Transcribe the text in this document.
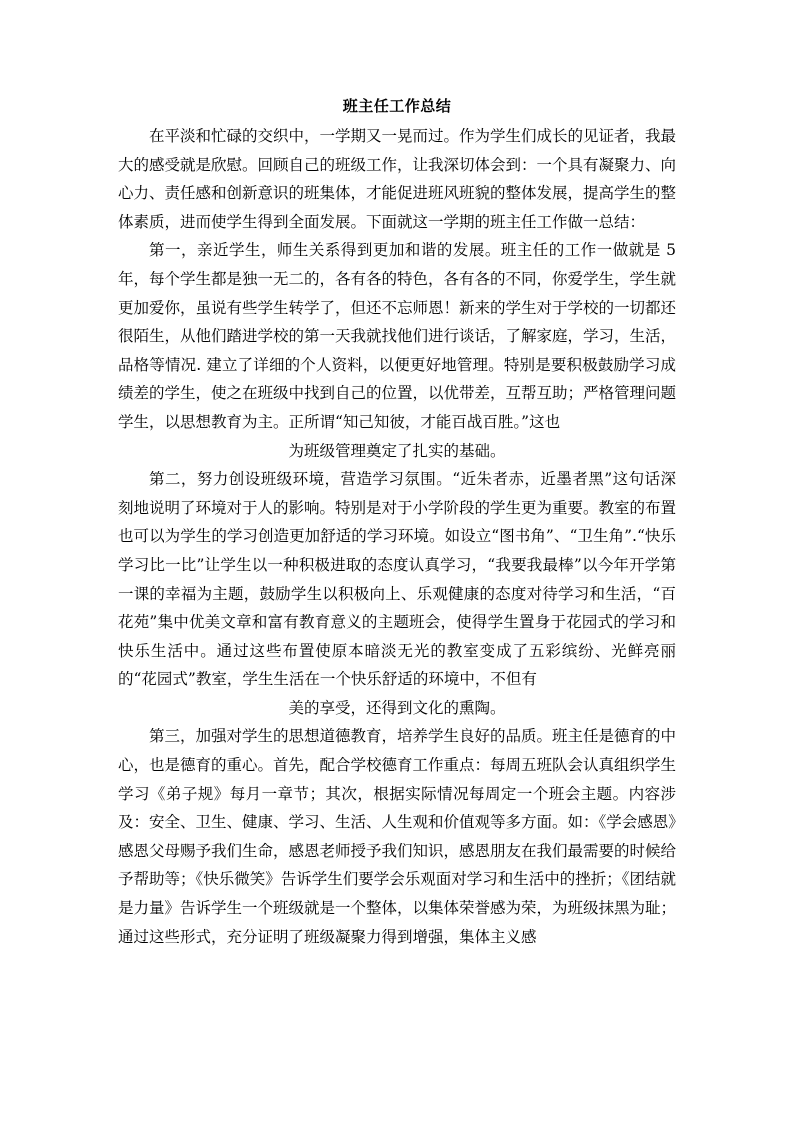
班主任工作总结

在平淡和忙碌的交织中，一学期又一晃而过。作为学生们成长的见证者，我最大的感受就是欣慰。回顾自己的班级工作，让我深切体会到：一个具有凝聚力、向心力、责任感和创新意识的班集体，才能促进班风班貌的整体发展，提高学生的整体素质，进而使学生得到全面发展。下面就这一学期的班主任工作做一总结：

第一，亲近学生，师生关系得到更加和谐的发展。班主任的工作一做就是 5 年，每个学生都是独一无二的，各有各的特色，各有各的不同，你爱学生，学生就更加爱你，虽说有些学生转学了，但还不忘师恩！新来的学生对于学校的一切都还很陌生，从他们踏进学校的第一天我就找他们进行谈话，了解家庭，学习，生活，品格等情况. 建立了详细的个人资料，以便更好地管理。特别是要积极鼓励学习成绩差的学生，使之在班级中找到自己的位置，以优带差，互帮互助；严格管理问题学生，以思想教育为主。正所谓“知己知彼，才能百战百胜。”这也

为班级管理奠定了扎实的基础。

第二，努力创设班级环境，营造学习氛围。“近朱者赤，近墨者黑”这句话深刻地说明了环境对于人的影响。特别是对于小学阶段的学生更为重要。教室的布置也可以为学生的学习创造更加舒适的学习环境。如设立“图书角”、“卫生角”.“快乐学习比一比”让学生以一种积极进取的态度认真学习，“我要我最棒”以今年开学第一课的幸福为主题，鼓励学生以积极向上、乐观健康的态度对待学习和生活，“百花苑”集中优美文章和富有教育意义的主题班会，使得学生置身于花园式的学习和快乐生活中。通过这些布置使原本暗淡无光的教室变成了五彩缤纷、光鲜亮丽的“花园式”教室，学生生活在一个快乐舒适的环境中，不但有

美的享受，还得到文化的熏陶。

第三，加强对学生的思想道德教育，培养学生良好的品质。班主任是德育的中心，也是德育的重心。首先，配合学校德育工作重点：每周五班队会认真组织学生学习《弟子规》每月一章节；其次，根据实际情况每周定一个班会主题。内容涉及：安全、卫生、健康、学习、生活、人生观和价值观等多方面。如：《学会感恩》感恩父母赐予我们生命，感恩老师授予我们知识，感恩朋友在我们最需要的时候给予帮助等；《快乐微笑》告诉学生们要学会乐观面对学习和生活中的挫折；《团结就是力量》告诉学生一个班级就是一个整体，以集体荣誉感为荣，为班级抹黑为耻；通过这些形式，充分证明了班级凝聚力得到增强，集体主义感
